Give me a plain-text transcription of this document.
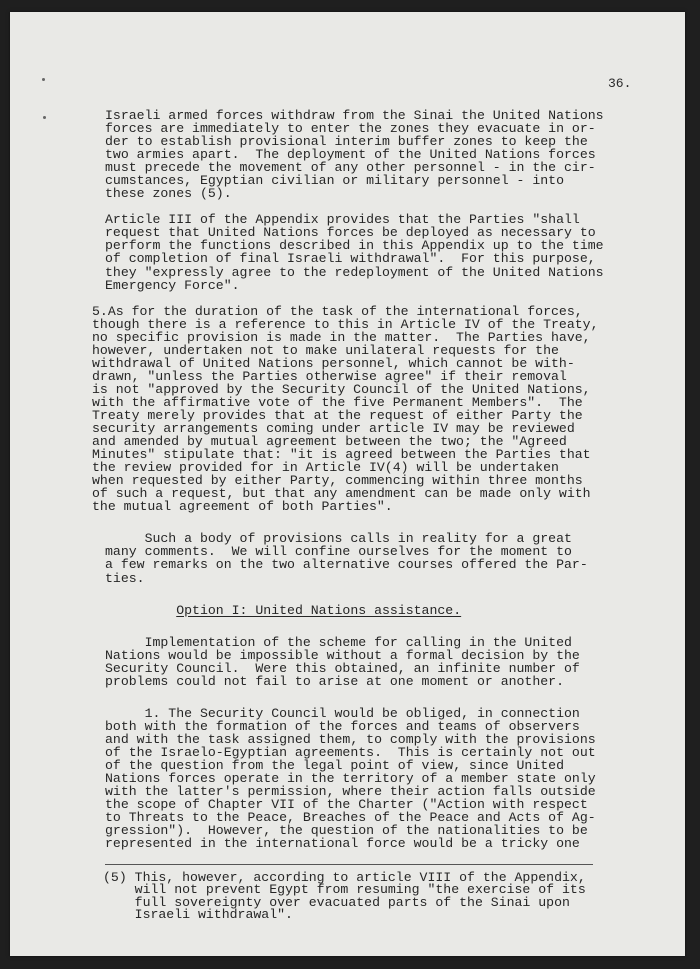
36.

Israeli armed forces withdraw from the Sinai the United Nations
forces are immediately to enter the zones they evacuate in or-
der to establish provisional interim buffer zones to keep the
two armies apart.  The deployment of the United Nations forces
must precede the movement of any other personnel - in the cir-
cumstances, Egyptian civilian or military personnel - into
these zones (5).

Article III of the Appendix provides that the Parties "shall
request that United Nations forces be deployed as necessary to
perform the functions described in this Appendix up to the time
of completion of final Israeli withdrawal".  For this purpose,
they "expressly agree to the redeployment of the United Nations
Emergency Force".

5.As for the duration of the task of the international forces,
though there is a reference to this in Article IV of the Treaty,
no specific provision is made in the matter.  The Parties have,
however, undertaken not to make unilateral requests for the
withdrawal of United Nations personnel, which cannot be with-
drawn, "unless the Parties otherwise agree" if their removal
is not "approved by the Security Council of the United Nations,
with the affirmative vote of the five Permanent Members".  The
Treaty merely provides that at the request of either Party the
security arrangements coming under article IV may be reviewed
and amended by mutual agreement between the two; the "Agreed
Minutes" stipulate that: "it is agreed between the Parties that
the review provided for in Article IV(4) will be undertaken
when requested by either Party, commencing within three months
of such a request, but that any amendment can be made only with
the mutual agreement of both Parties".

Such a body of provisions calls in reality for a great
many comments.  We will confine ourselves for the moment to
a few remarks on the two alternative courses offered the Par-
ties.

Option I: United Nations assistance.

Implementation of the scheme for calling in the United
Nations would be impossible without a formal decision by the
Security Council.  Were this obtained, an infinite number of
problems could not fail to arise at one moment or another.

1. The Security Council would be obliged, in connection
both with the formation of the forces and teams of observers
and with the task assigned them, to comply with the provisions
of the Israelo-Egyptian agreements.  This is certainly not out
of the question from the legal point of view, since United
Nations forces operate in the territory of a member state only
with the latter's permission, where their action falls outside
the scope of Chapter VII of the Charter ("Action with respect
to Threats to the Peace, Breaches of the Peace and Acts of Ag-
gression").  However, the question of the nationalities to be
represented in the international force would be a tricky one

(5) This, however, according to article VIII of the Appendix,
will not prevent Egypt from resuming "the exercise of its
full sovereignty over evacuated parts of the Sinai upon
Israeli withdrawal".
